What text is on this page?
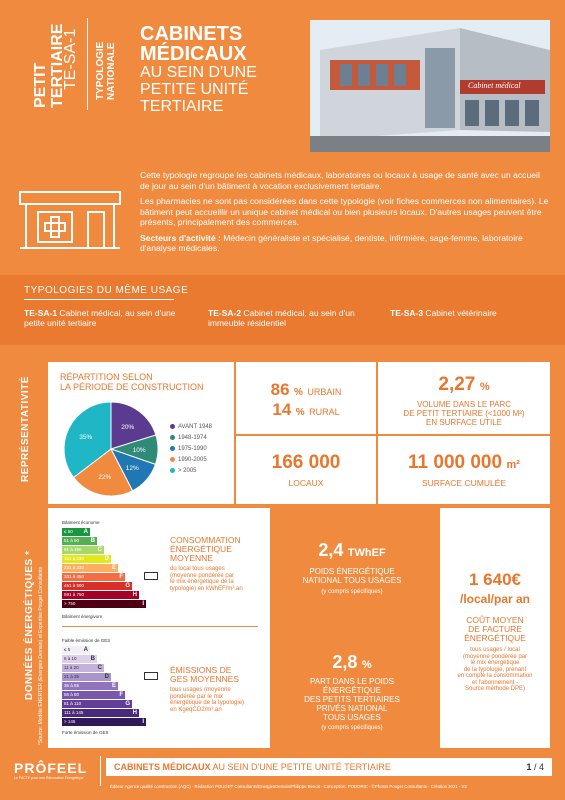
PETIT TERTIAIRE
TE-SA-1 TYPOLOGIE NATIONALE
CABINETS
MÉDICAUX
AU SEIN D'UNE
PETITE UNITÉ
TERTIAIRE
Cabinet médical

Cette typologie regroupe les cabinets médicaux, laboratoires ou locaux à usage de santé avec un accueil de jour au sein d'un bâtiment à vocation exclusivement tertiaire.

Les pharmacies ne sont pas considérées dans cette typologie (voir fiches commerces non alimentaires). Le bâtiment peut accueillir un unique cabinet médical ou bien plusieurs locaux. D'autres usages peuvent être présents, principalement des commerces.

Secteurs d'activité : Médecin généraliste et spécialisé, dentiste, infirmière, sage-femme, laboratoire d'analyse médicales.

TYPOLOGIES DU MÊME USAGE
TE-SA-1 Cabinet médical, au sein d'une petite unité tertiaire
TE-SA-2 Cabinet médical, au sein d'un immeuble résidentiel
TE-SA-3 Cabinet vétérinaire
REPRÉSENTATIVITÉ	RÉPARTITION SELON
LA PÉRIODE DE CONSTRUCTION
20%
10%
12%
22%
35%
AVANT 1948
1948-1974
1975-1990
1990-2005
> 2005
86 % URBAIN
14 % RURAL
2,27 %
VOLUME DANS LE PARC
DE PETIT TERTIAIRE (<1000 M²)
EN SURFACE UTILE
166 000
LOCAUX
11 000 000 m²
SURFACE CUMULÉE
DONNÉES ÉNERGÉTIQUES * *Source: Modèle ENERTER (Energies Demain) et Expertise Pouget Consultants
Bâtiment économe
≤ 50 A
51 à 90 B
91 à 150	C
151 à 230	D
231 à 330	E
331 à 450	F
451 à 590	G
591 à 750	H
> 750	I
Bâtiment énergivore
CONSOMMATION
ÉNERGÉTIQUE
MOYENNE
du local tous usages
(moyenne pondérée par
le mix énergétique de la
typologie) en kWhEF/m².an
Faible émission de GES
≤ 5 A
6 à 10 B
11 à 20	C
21 à 35	D
36 à 55	E
56 à 80	F
81 à 110	G
111 à 145	H
> 145	I
Forte émission de GES
ÉMISSIONS DE
GES MOYENNES
tous usages (moyenne
pondérée par le mix
énergétique de la typologie)
en KgeqCO2/m².an
2,4 TWhEF
POIDS ÉNERGÉTIQUE
NATIONAL TOUS USAGES
(y compris spécifiques)
2,8 %
PART DANS LE POIDS
ÉNERGÉTIQUE
DES PETITS TERTIAIRES
PRIVÉS NATIONAL
TOUS USAGES
(y compris spécifiques)
1 640€
/local/par an
COÛT MOYEN
DE FACTURE
ÉNERGÉTIQUE
tous usages / local
(moyenne pondérée par
le mix énergétique
de la typologie, prenant
en compte la consommation
et l'abonnement -
Source méthode DPE)
PRÔFEEL
Le PACTE pour une Rénovation Énergétique
CABINETS MÉDICAUX AU SEIN D'UNE PETITE UNITÉ TERTIAIRE	1 / 4
Éditeur Agence qualité construction (AQC) - Rédaction POUGET Consultants/EnergiesDemain/Philippe Benoit - Conception: PODORIC - ©Photos Pouget Consultants - Création 2021 - V2
